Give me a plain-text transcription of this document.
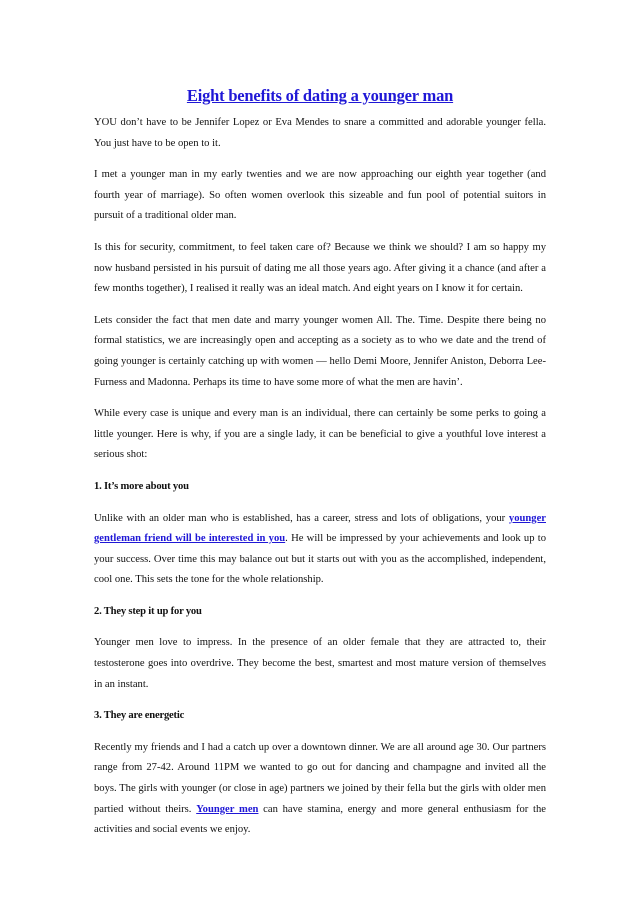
Eight benefits of dating a younger man

YOU don’t have to be Jennifer Lopez or Eva Mendes to snare a committed and adorable younger fella. You just have to be open to it.

I met a younger man in my early twenties and we are now approaching our eighth year together (and fourth year of marriage). So often women overlook this sizeable and fun pool of potential suitors in pursuit of a traditional older man.

Is this for security, commitment, to feel taken care of? Because we think we should? I am so happy my now husband persisted in his pursuit of dating me all those years ago. After giving it a chance (and after a few months together), I realised it really was an ideal match. And eight years on I know it for certain.

Lets consider the fact that men date and marry younger women All. The. Time. Despite there being no formal statistics, we are increasingly open and accepting as a society as to who we date and the trend of going younger is certainly catching up with women — hello Demi Moore, Jennifer Aniston, Deborra Lee-Furness and Madonna. Perhaps its time to have some more of what the men are havin’.

While every case is unique and every man is an individual, there can certainly be some perks to going a little younger. Here is why, if you are a single lady, it can be beneficial to give a youthful love interest a serious shot:

1. It’s more about you

Unlike with an older man who is established, has a career, stress and lots of obligations, your younger gentleman friend will be interested in you. He will be impressed by your achievements and look up to your success. Over time this may balance out but it starts out with you as the accomplished, independent, cool one. This sets the tone for the whole relationship.

2. They step it up for you

Younger men love to impress. In the presence of an older female that they are attracted to, their testosterone goes into overdrive. They become the best, smartest and most mature version of themselves in an instant.

3. They are energetic

Recently my friends and I had a catch up over a downtown dinner. We are all around age 30. Our partners range from 27-42. Around 11PM we wanted to go out for dancing and champagne and invited all the boys. The girls with younger (or close in age) partners we joined by their fella but the girls with older men partied without theirs. Younger men can have stamina, energy and more general enthusiasm for the activities and social events we enjoy.
